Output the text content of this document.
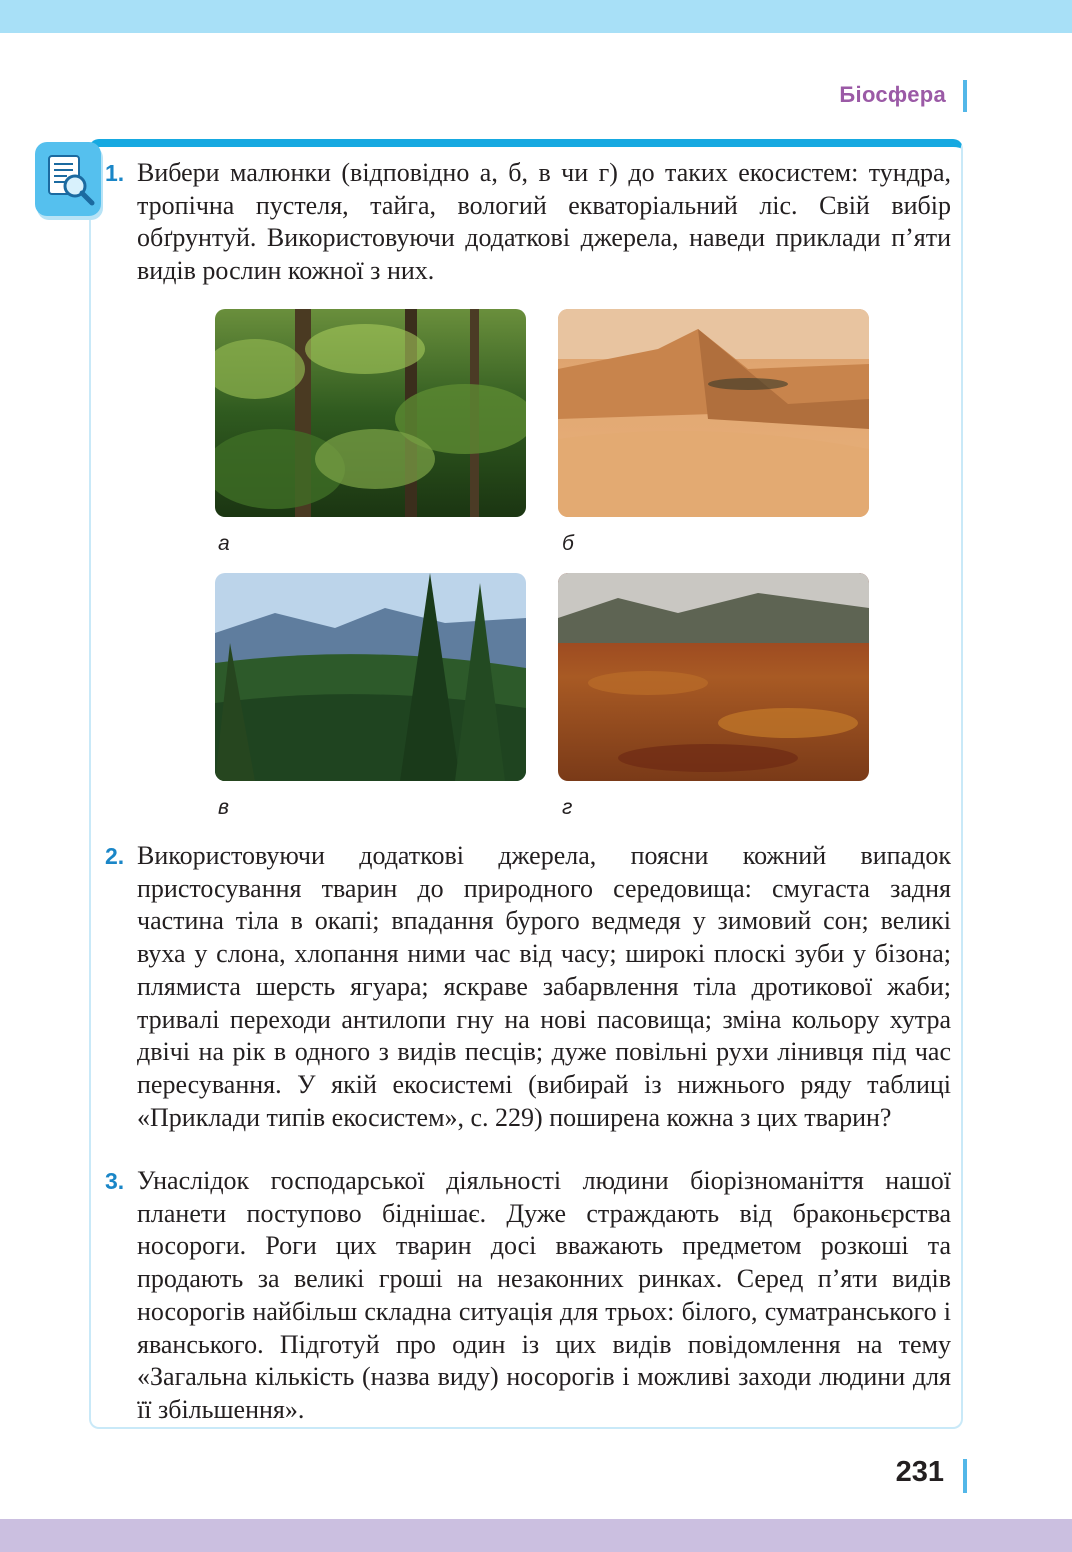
Біосфера
1. Вибери малюнки (відповідно а, б, в чи г) до таких екосистем: тундра, тропічна пустеля, тайга, вологий екваторіальний ліс. Свій вибір обґрунтуй. Використовуючи додаткові джерела, наведи приклади п’яти видів рослин кожної з них.
а	б
в	г
2. Використовуючи додаткові джерела, поясни кожний випадок пристосування тварин до природного середовища: смугаста задня частина тіла в окапі; впадання бурого ведмедя у зимовий сон; великі вуха у слона, хлопання ними час від часу; широкі плоскі зуби у бізона; плямиста шерсть ягуара; яскраве забарвлення тіла дротикової жаби; тривалі переходи антилопи гну на нові пасовища; зміна кольору хутра двічі на рік в одного з видів песців; дуже повільні рухи лінивця під час пересування. У якій екосистемі (вибирай із нижнього ряду таблиці «Приклади типів екосистем», с. 229) поширена кожна з цих тварин?
3. Унаслідок господарської діяльності людини біорізноманіття нашої планети поступово біднішає. Дуже страждають від браконьєрства носороги. Роги цих тварин досі вважають предметом розкоші та продають за великі гроші на незаконних ринках. Серед п’яти видів носорогів найбільш складна ситуація для трьох: білого, суматранського і яванського. Підготуй про один із цих видів повідомлення на тему «Загальна кількість (назва виду) носорогів і можливі заходи людини для її збільшення».
231
